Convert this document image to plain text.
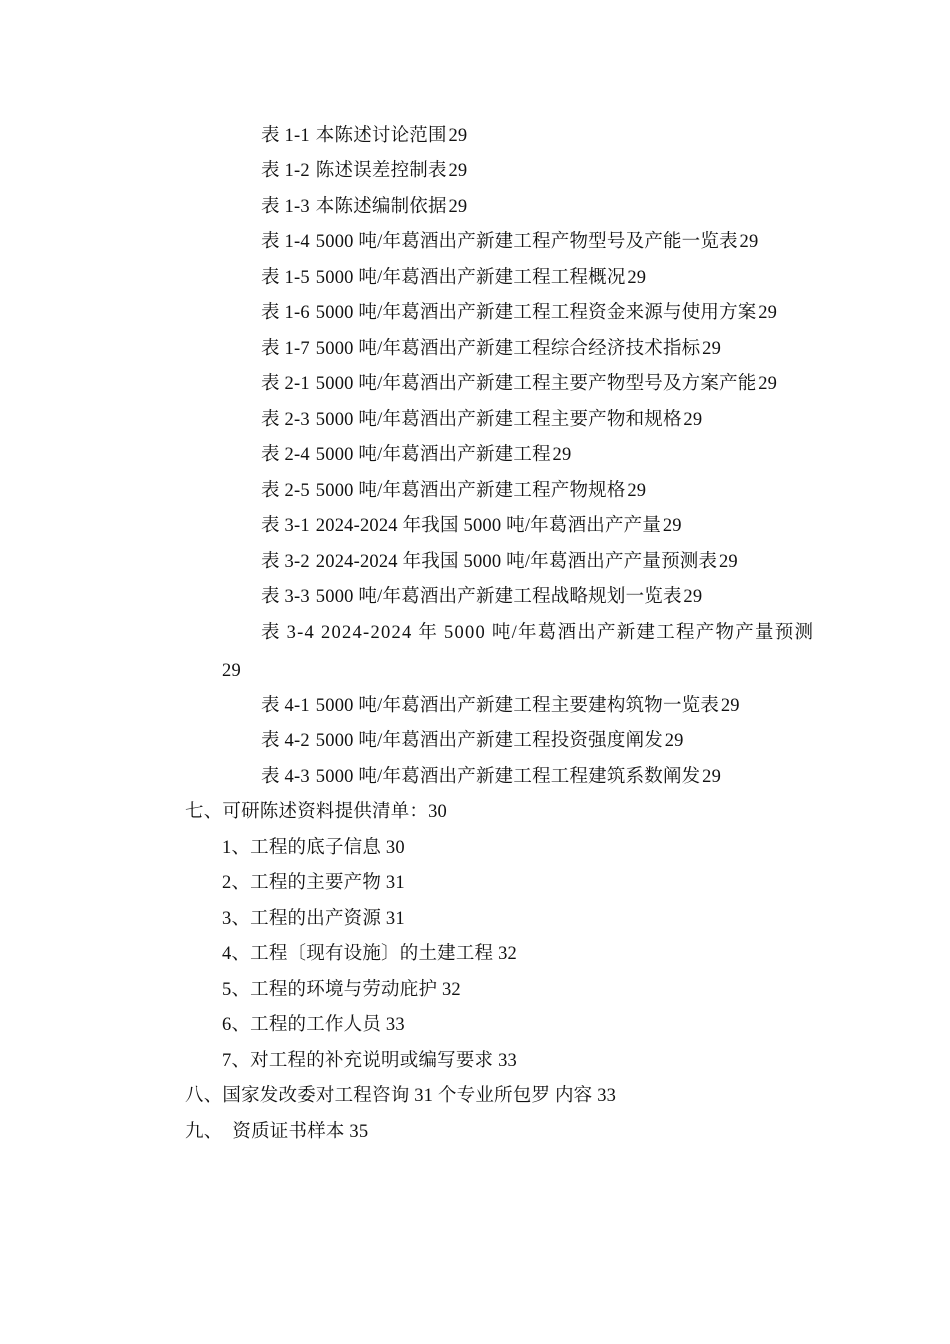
表 1-1 本陈述讨论范围 29
表 1-2 陈述误差控制表 29
表 1-3 本陈述编制依据 29
表 1-4 5000 吨/年葛酒出产新建工程产物型号及产能一览表 29
表 1-5 5000 吨/年葛酒出产新建工程工程概况 29
表 1-6 5000 吨/年葛酒出产新建工程工程资金来源与使用方案 29
表 1-7 5000 吨/年葛酒出产新建工程综合经济技术指标 29
表 2-1 5000 吨/年葛酒出产新建工程主要产物型号及方案产能 29
表 2-3 5000 吨/年葛酒出产新建工程主要产物和规格 29
表 2-4 5000 吨/年葛酒出产新建工程 29
表 2-5 5000 吨/年葛酒出产新建工程产物规格 29
表 3-1 2024-2024 年我国 5000 吨/年葛酒出产产量 29
表 3-2 2024-2024 年我国 5000 吨/年葛酒出产产量预测表 29
表 3-3 5000 吨/年葛酒出产新建工程战略规划一览表 29
表 3-4 2024-2024 年 5000 吨/年葛酒出产新建工程产物产量预测
29
表 4-1 5000 吨/年葛酒出产新建工程主要建构筑物一览表 29
表 4-2 5000 吨/年葛酒出产新建工程投资强度阐发 29
表 4-3 5000 吨/年葛酒出产新建工程工程建筑系数阐发 29
七、可研陈述资料提供清单：30
1、工程的底子信息 30
2、工程的主要产物 31
3、工程的出产资源 31
4、工程〔现有设施〕的土建工程 32
5、工程的环境与劳动庇护 32
6、工程的工作人员 33
7、对工程的补充说明或编写要求 33
八、国家发改委对工程咨询 31 个专业所包罗 内容 33
九、 资质证书样本 35
